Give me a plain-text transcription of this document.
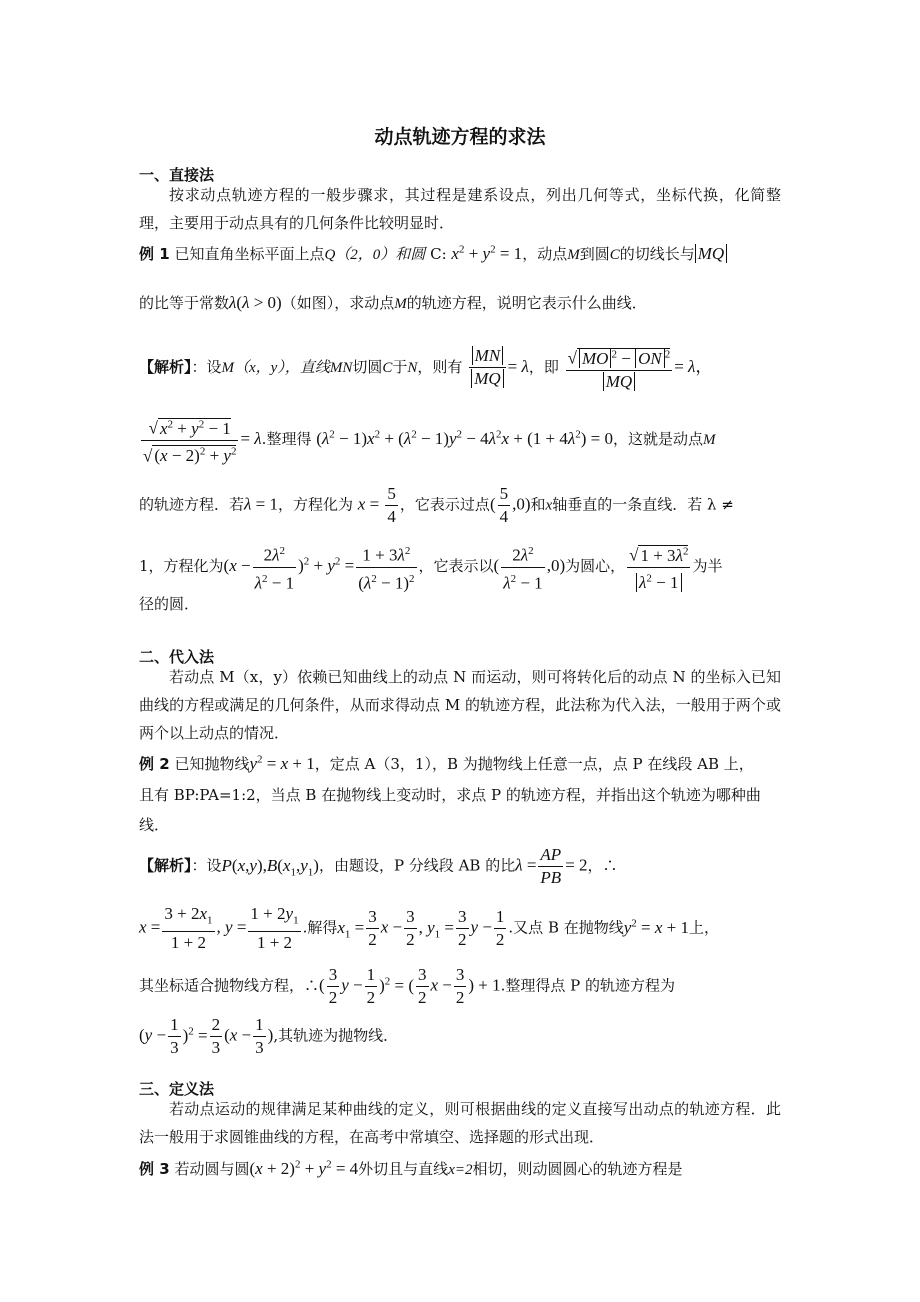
动点轨迹方程的求法
一、直接法
按求动点轨迹方程的一般步骤求，其过程是建系设点，列出几何等式，坐标代换，化简整理，主要用于动点具有的几何条件比较明显时．
例 1 已知直角坐标平面上点Q（2，0）和圆 C: $x^2 + y^2 = 1$，动点M到圆C的切线长与 MQ
的比等于常数λ(λ > 0)（如图），求动点M的轨迹方程，说明它表示什么曲线．
【解析】：设M（x，y），直线MN切圆C于N，则有 $\frac{MN}{MQ} = \lambda$，即 $\frac{√ MO ^2 - ON ^2}{MQ} = \lambda$，
$\frac{√ x^2 + y^2 - 1}{√ (x - 2)^2 + y^2} = \lambda$.整理得 $(\lambda^2 - 1)x^2 + (\lambda^2 - 1)y^2 - 4\lambda^2x + (1 + 4\lambda^2) = 0$，这就是动点M
的轨迹方程．若λ = 1，方程化为 $x = \frac{5}{4}$ ，它表示过点( $\frac{5}{4} ,0$)和x轴垂直的一条直线．若 λ ≠
1，方程化为$(x - \frac{2\lambda^2}{\lambda^2 - 1} )^2 + y^2 = \frac{1 + 3\lambda^2}{(\lambda^2 - 1)^2}$ ，它表示以( $\frac{2\lambda^2}{\lambda^2 - 1} ,0$)为圆心， $\frac{√ 1 + 3\lambda^2}{\lambda^2 - 1}$ 为半
径的圆．
二、代入法
若动点 M（x，y）依赖已知曲线上的动点 N 而运动，则可将转化后的动点 N 的坐标入已知曲线的方程或满足的几何条件，从而求得动点 M 的轨迹方程，此法称为代入法，一般用于两个或两个以上动点的情况．
例 2 已知抛物线$y^2 = x + 1$，定点 A（3，1），B 为抛物线上任意一点，点 P 在线段 AB 上，
且有 BP:PA=1:2，当点 B 在抛物线上变动时，求点 P 的轨迹方程，并指出这个轨迹为哪种曲
线．
【解析】：设$P(x,y),B(x_1,y_1)$，由题设，P 分线段 AB 的比$\lambda = \frac{AP}{PB} = 2$，∴
$x = \frac{3 + 2x_1}{1 + 2}$ , $y = \frac{1 + 2y_1}{1 + 2}$ .解得$x_1 = \frac{3}{2}$ $x - \frac{3}{2}$ , $y_1 = \frac{3}{2}$ $y - \frac{1}{2}$ .又点 B 在抛物线$y^2 = x + 1$上，
其坐标适合抛物线方程，∴( $\frac{3}{2}$ $y - \frac{1}{2} )^2$ = ( $\frac{3}{2}$ $x - \frac{3}{2}$ ) + 1.整理得点 P 的轨迹方程为
$(y - \frac{1}{3} )^2 = \frac{2}{3} (x - \frac{1}{3}$ ),其轨迹为抛物线．
三、定义法
若动点运动的规律满足某种曲线的定义，则可根据曲线的定义直接写出动点的轨迹方程．此法一般用于求圆锥曲线的方程，在高考中常填空、选择题的形式出现．
例 3 若动圆与圆$(x + 2)^2 + y^2 = 4$外切且与直线x=2相切，则动圆圆心的轨迹方程是
